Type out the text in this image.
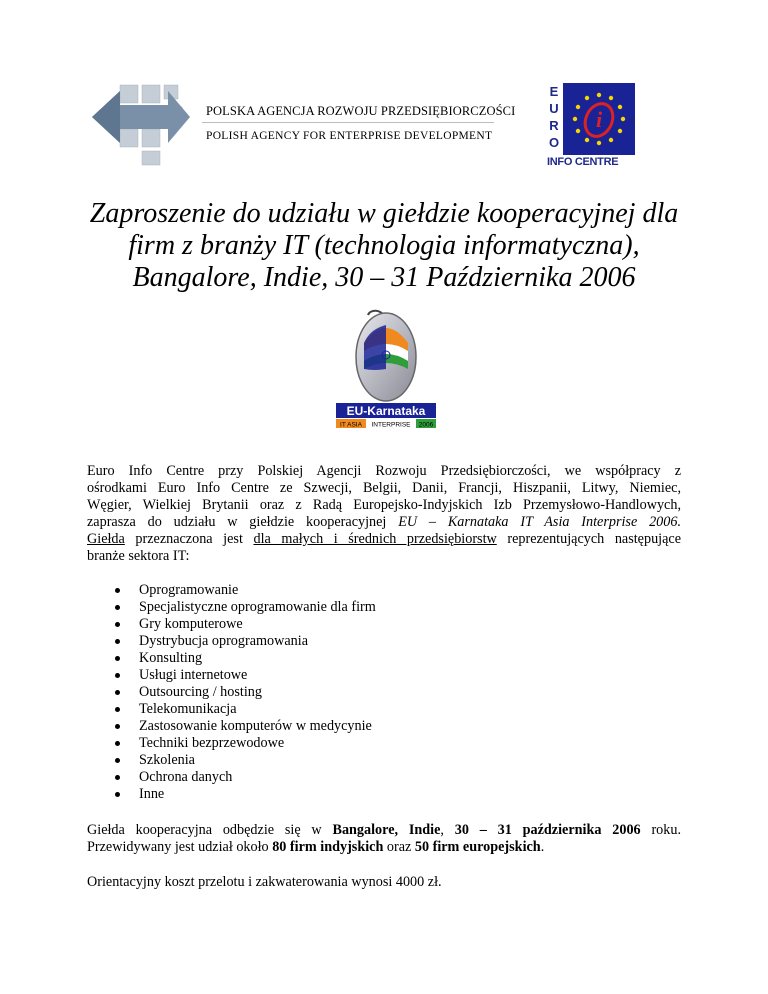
POLSKA AGENCJA ROZWOJU PRZEDSIĘBIORCZOŚCI
POLISH AGENCY FOR ENTERPRISE DEVELOPMENT
E
U
R
O
i
INFO CENTRE
Zaproszenie do udziału w giełdzie kooperacyjnej dla
firm z branży IT (technologia informatyczna),
Bangalore, Indie, 30 – 31 Października 2006
EU-Karnataka
IT ASIA INTERPRISE 2006

Euro Info Centre przy Polskiej Agencji Rozwoju Przedsiębiorczości, we współpracy z
ośrodkami Euro Info Centre ze Szwecji, Belgii, Danii, Francji, Hiszpanii, Litwy, Niemiec,
Węgier, Wielkiej Brytanii oraz z Radą Europejsko-Indyjskich Izb Przemysłowo-Handlowych,
zaprasza do udziału w giełdzie kooperacyjnej EU – Karnataka IT Asia Interprise 2006.
Giełda przeznaczona jest dla małych i średnich przedsiębiorstw reprezentujących następujące
branże sektora IT:

Oprogramowanie
Specjalistyczne oprogramowanie dla firm
Gry komputerowe
Dystrybucja oprogramowania
Konsulting
Usługi internetowe
Outsourcing / hosting
Telekomunikacja
Zastosowanie komputerów w medycynie
Techniki bezprzewodowe
Szkolenia
Ochrona danych
Inne

Giełda kooperacyjna odbędzie się w Bangalore, Indie, 30 – 31 października 2006 roku.
Przewidywany jest udział około 80 firm indyjskich oraz 50 firm europejskich.

Orientacyjny koszt przelotu i zakwaterowania wynosi 4000 zł.
